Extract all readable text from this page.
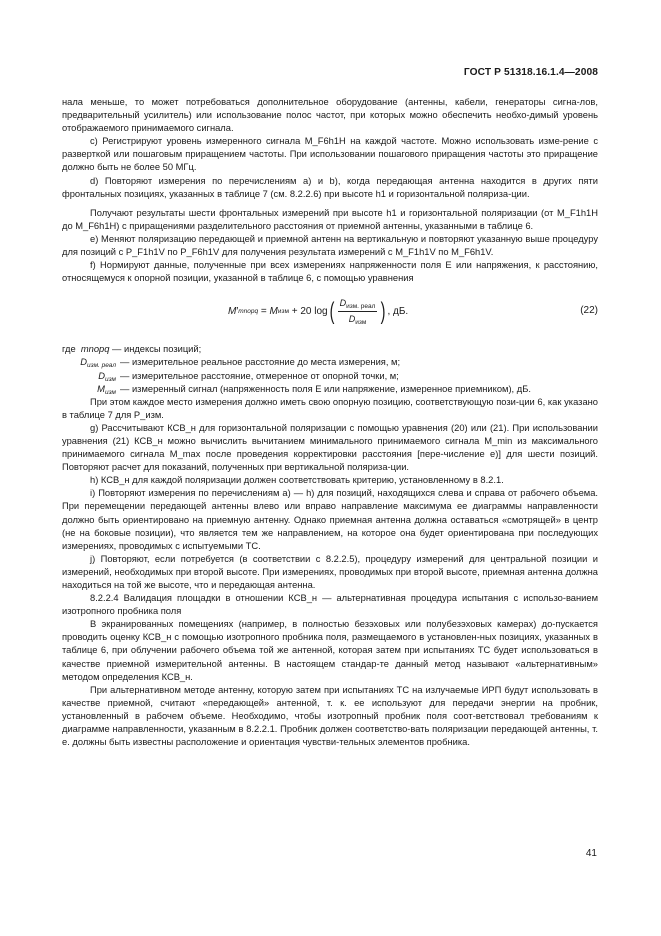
ГОСТ Р 51318.16.1.4—2008

нала меньше, то может потребоваться дополнительное оборудование (антенны, кабели, генераторы сигна-лов, предварительный усилитель) или использование полос частот, при которых можно обеспечить необхо-димый уровень отображаемого принимаемого сигнала.

c) Регистрируют уровень измеренного сигнала M_F6h1H на каждой частоте. Можно использовать изме-рение с разверткой или пошаговым приращением частоты. При использовании пошагового приращения частоты это приращение должно быть не более 50 МГц.

d) Повторяют измерения по перечислениям a) и b), когда передающая антенна находится в других пяти фронтальных позициях, указанных в таблице 7 (см. 8.2.2.6) при высоте h1 и горизонтальной поляриза-ции.

Получают результаты шести фронтальных измерений при высоте h1 и горизонтальной поляризации (от M_F1h1H до M_F6h1H) с приращениями разделительного расстояния от приемной антенны, указанными в таблице 6.

e) Меняют поляризацию передающей и приемной антенн на вертикальную и повторяют указанную выше процедуру для позиций с P_F1h1V по P_F6h1V для получения результата измерений с M_F1h1V по M_F6h1V.

f) Нормируют данные, полученные при всех измерениях напряженности поля E или напряжения, к расстоянию, относящемуся к опорной позиции, указанной в таблице 6, с помощью уравнения

M ′ mnopq = M изм + 20 log ( $\frac{D_{изм. реал}}{D_{изм}}$ ) , дБ.	(22)

где mnopq — индексы позиций;

$D_{изм. реал}$ — измерительное реальное расстояние до места измерения, м;
$D_{изм}$ — измерительное расстояние, отмеренное от опорной точки, м;
$M_{изм}$ — измеренный сигнал (напряженность поля E или напряжение, измеренное приемником), дБ.

При этом каждое место измерения должно иметь свою опорную позицию, соответствующую пози-ции 6, как указано в таблице 7 для P_изм.

g) Рассчитывают КСВ_н для горизонтальной поляризации с помощью уравнения (20) или (21). При использовании уравнения (21) КСВ_н можно вычислить вычитанием минимального принимаемого сигнала M_min из максимального принимаемого сигнала M_max после проведения корректировки расстояния [пере-числение e)] для шести позиций. Повторяют расчет для показаний, полученных при вертикальной поляриза-ции.

h) КСВ_н для каждой поляризации должен соответствовать критерию, установленному в 8.2.1.

i) Повторяют измерения по перечислениям a) — h) для позиций, находящихся слева и справа от рабочего объема. При перемещении передающей антенны влево или вправо направление максимума ее диаграммы направленности должно быть ориентировано на приемную антенну. Однако приемная антенна должна оставаться «смотрящей» в центр (не на боковые позиции), что является тем же направлением, на которое она будет ориентирована при последующих измерениях, проводимых с испытуемыми ТС.

j) Повторяют, если потребуется (в соответствии с 8.2.2.5), процедуру измерений для центральной позиции и измерений, необходимых при второй высоте. При измерениях, проводимых при второй высоте, приемная антенна должна находиться на той же высоте, что и передающая антенна.

8.2.2.4 Валидация площадки в отношении КСВ_н — альтернативная процедура испытания с использо-ванием изотропного пробника поля

В экранированных помещениях (например, в полностью безэховых или полубезэховых камерах) до-пускается проводить оценку КСВ_н с помощью изотропного пробника поля, размещаемого в установлен-ных позициях, указанных в таблице 6, при облучении рабочего объема той же антенной, которая затем при испытаниях ТС будет использоваться в качестве приемной измерительной антенны. В настоящем стандар-те данный метод называют «альтернативным» методом определения КСВ_н.

При альтернативном методе антенну, которую затем при испытаниях ТС на излучаемые ИРП будут использовать в качестве приемной, считают «передающей» антенной, т. к. ее используют для передачи энергии на пробник, установленный в рабочем объеме. Необходимо, чтобы изотропный пробник поля соот-ветствовал требованиям к диаграмме направленности, указанным в 8.2.2.1. Пробник должен соответство-вать поляризации передающей антенны, т. е. должны быть известны расположение и ориентация чувстви-тельных элементов пробника.

41
